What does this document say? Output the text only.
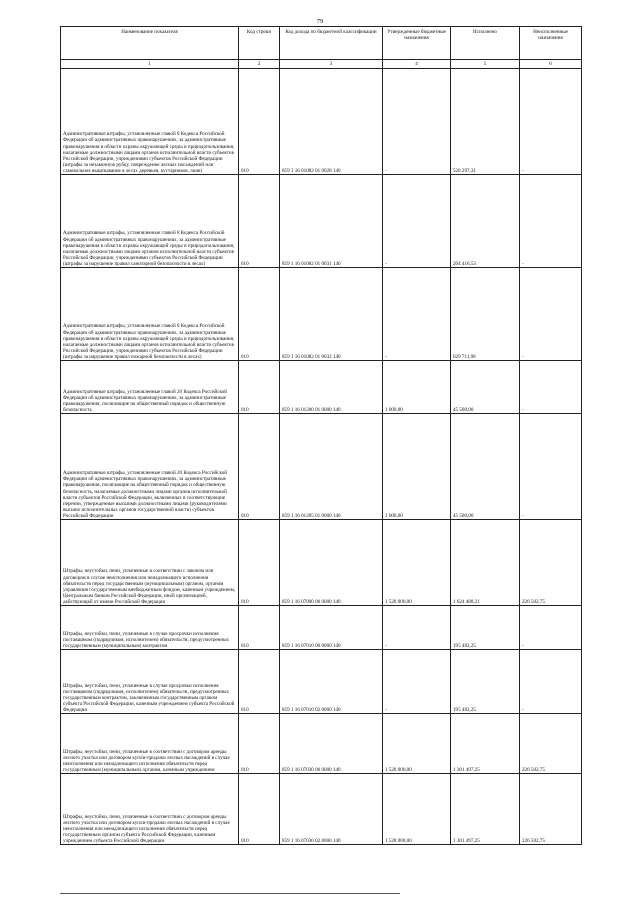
79
Наименование показателя	Код строки	Код дохода по бюджетной классификации	Утвержденные бюджетные назначения	Исполнено	Неисполненные назначения
1	2	3	4	5	6
Административные штрафы, установленные главой 8 Кодекса Российской Федерации об административных правонарушениях, за административные правонарушения в области охраны окружающей среды и природопользования, налагаемые должностными лицами органов исполнительной власти субъектов Российской Федерации, учреждениями субъектов Российской Федерации (штрафы за незаконную рубку, повреждение лесных насаждений или самовольное выкапывание в лесах деревьев, кустарников, лиан)	010	859 1 16 01082 01 0028 140	-	528 297,31	-
Административные штрафы, установленные главой 8 Кодекса Российской Федерации об административных правонарушениях, за административные правонарушения в области охраны окружающей среды и природопользования, налагаемые должностными лицами органов исполнительной власти субъектов Российской Федерации, учреждениями субъектов Российской Федерации (штрафы за нарушение правил санитарной безопасности в лесах)	010	859 1 16 01082 01 0031 140	-	204 416,53	-
Административные штрафы, установленные главой 8 Кодекса Российской Федерации об административных правонарушениях, за административные правонарушения в области охраны окружающей среды и природопользования, налагаемые должностными лицами органов исполнительной власти субъектов Российской Федерации, учреждениями субъектов Российской Федерации (штрафы за нарушение правил пожарной безопасности в лесах)	010	859 1 16 01082 01 0032 140	-	629 711,98	-
Административные штрафы, установленные главой 20 Кодекса Российской Федерации об административных правонарушениях, за административные правонарушения, посягающие на общественный порядок и общественную безопасность	010	859 1 16 01200 01 0000 140	1 000,00	45 500,00	-
Административные штрафы, установленные главой 20 Кодекса Российской Федерации об административных правонарушениях, за административные правонарушения, посягающие на общественный порядок и общественную безопасность, налагаемые должностными лицами органов исполнительной власти субъектов Российской Федерации, включенных в соответствующие перечни, утвержденные высшими должностными лицами (руководителями высших исполнительных органов государственной власти) субъектов Российской Федерации	010	859 1 16 01205 01 0000 140	1 000,00	45 500,00	-
Штрафы, неустойки, пени, уплаченные в соответствии с законом или договором в случае неисполнения или ненадлежащего исполнения обязательств перед государственным (муниципальным) органом, органом управления государственным внебюджетным фондом, казенным учреждением, Центральным банком Российской Федерации, иной организацией, действующей от имени Российской Федерации	010	859 1 16 07000 00 0000 140	1 528 000,00	1 624 488,21	226 502,75
Штрафы, неустойки, пени, уплаченные в случае просрочки исполнения поставщиком (подрядчиком, исполнителем) обязательств, предусмотренных государственным (муниципальным) контрактом	010	859 1 16 07010 00 0000 140	-	195 482,25	-
Штрафы, неустойки, пени, уплаченные в случае просрочки исполнения поставщиком (подрядчиком, исполнителем) обязательств, предусмотренных государственным контрактом, заключенным государственным органом субъекта Российской Федерации, казенным учреждением субъекта Российской Федерации	010	859 1 16 07010 02 0000 140	-	195 482,25	-
Штрафы, неустойки, пени, уплаченные в соответствии с договором аренды лесного участка или договором купли-продажи лесных насаждений в случае неисполнения или ненадлежащего исполнения обязательств перед государственным (муниципальным) органом, казенным учреждением	010	859 1 16 07030 00 0000 140	1 528 000,00	1 301 497,25	226 502,75
Штрафы, неустойки, пени, уплаченные в соответствии с договором аренды лесного участка или договором купли-продажи лесных насаждений в случае неисполнения или ненадлежащего исполнения обязательств перед государственным органом субъекта Российской Федерации, казенным учреждением субъекта Российской Федерации	010	859 1 16 07030 02 0000 140	1 528 000,00	1 301 497,25	226 502,75
